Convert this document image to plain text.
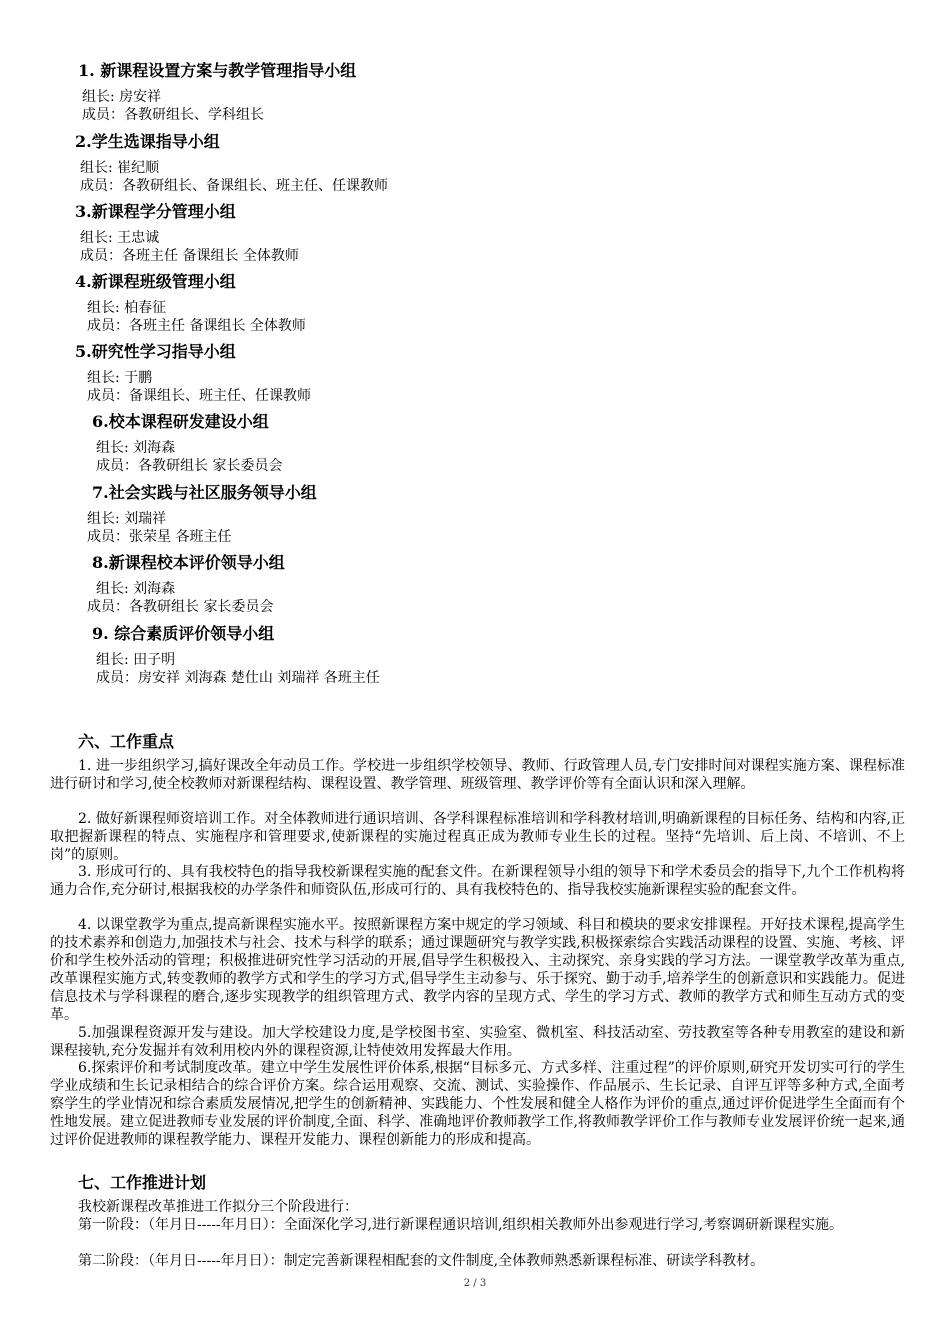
1. 新课程设置方案与教学管理指导小组
组长: 房安祥
成员：各教研组长、学科组长
2.学生选课指导小组
组长: 崔纪顺
成员：各教研组长、备课组长、班主任、任课教师
3.新课程学分管理小组
组长: 王忠诚
成员：各班主任 备课组长 全体教师
4.新课程班级管理小组
组长: 柏春征
成员：各班主任 备课组长 全体教师
5.研究性学习指导小组
组长: 于鹏
成员：备课组长、班主任、任课教师
6.校本课程研发建设小组
组长: 刘海森
成员：各教研组长 家长委员会
7.社会实践与社区服务领导小组
组长: 刘瑞祥
成员：张荣星 各班主任
8.新课程校本评价领导小组
组长: 刘海森
成员：各教研组长 家长委员会
9. 综合素质评价领导小组
组长: 田子明
成员：房安祥 刘海森 楚仕山 刘瑞祥 各班主任
六、工作重点

1. 进一步组织学习,搞好课改全年动员工作。学校进一步组织学校领导、教师、行政管理人员,专门安排时间对课程实施方案、课程标准进行研讨和学习,使全校教师对新课程结构、课程设置、教学管理、班级管理、教学评价等有全面认识和深入理解。

2. 做好新课程师资培训工作。对全体教师进行通识培训、各学科课程标准培训和学科教材培训,明确新课程的目标任务、结构和内容,正取把握新课程的特点、实施程序和管理要求,使新课程的实施过程真正成为教师专业生长的过程。坚持“先培训、后上岗、不培训、不上岗”的原则。

3. 形成可行的、具有我校特色的指导我校新课程实施的配套文件。在新课程领导小组的领导下和学术委员会的指导下,九个工作机构将通力合作,充分研讨,根据我校的办学条件和师资队伍,形成可行的、具有我校特色的、指导我校实施新课程实验的配套文件。

4. 以课堂教学为重点,提高新课程实施水平。按照新课程方案中规定的学习领域、科目和模块的要求安排课程。开好技术课程,提高学生的技术素养和创造力,加强技术与社会、技术与科学的联系；通过课题研究与教学实践,积极探索综合实践活动课程的设置、实施、考核、评价和学生校外活动的管理；积极推进研究性学习活动的开展,倡导学生积极投入、主动探究、亲身实践的学习方法。一课堂教学改革为重点,改革课程实施方式,转变教师的教学方式和学生的学习方式,倡导学生主动参与、乐于探究、勤于动手,培养学生的创新意识和实践能力。促进信息技术与学科课程的磨合,逐步实现教学的组织管理方式、教学内容的呈现方式、学生的学习方式、教师的教学方式和师生互动方式的变革。

5.加强课程资源开发与建设。加大学校建设力度,是学校图书室、实验室、微机室、科技活动室、劳技教室等各种专用教室的建设和新课程接轨,充分发掘并有效利用校内外的课程资源,让特使效用发挥最大作用。

6.探索评价和考试制度改革。建立中学生发展性评价体系,根据“目标多元、方式多样、注重过程”的评价原则,研究开发切实可行的学生学业成绩和生长记录相结合的综合评价方案。综合运用观察、交流、测试、实验操作、作品展示、生长记录、自评互评等多种方式,全面考察学生的学业情况和综合素质发展情况,把学生的创新精神、实践能力、个性发展和健全人格作为评价的重点,通过评价促进学生全面而有个性地发展。建立促进教师专业发展的评价制度,全面、科学、准确地评价教师教学工作,将教师教学评价工作与教师专业发展评价统一起来,通过评价促进教师的课程教学能力、课程开发能力、课程创新能力的形成和提高。

七、工作推进计划

我校新课程改革推进工作拟分三个阶段进行：

第一阶段：（年月日-----年月日）：全面深化学习,进行新课程通识培训,组织相关教师外出参观进行学习,考察调研新课程实施。

第二阶段：（年月日-----年月日）：制定完善新课程相配套的文件制度,全体教师熟悉新课程标准、研读学科教材。

2 / 3
